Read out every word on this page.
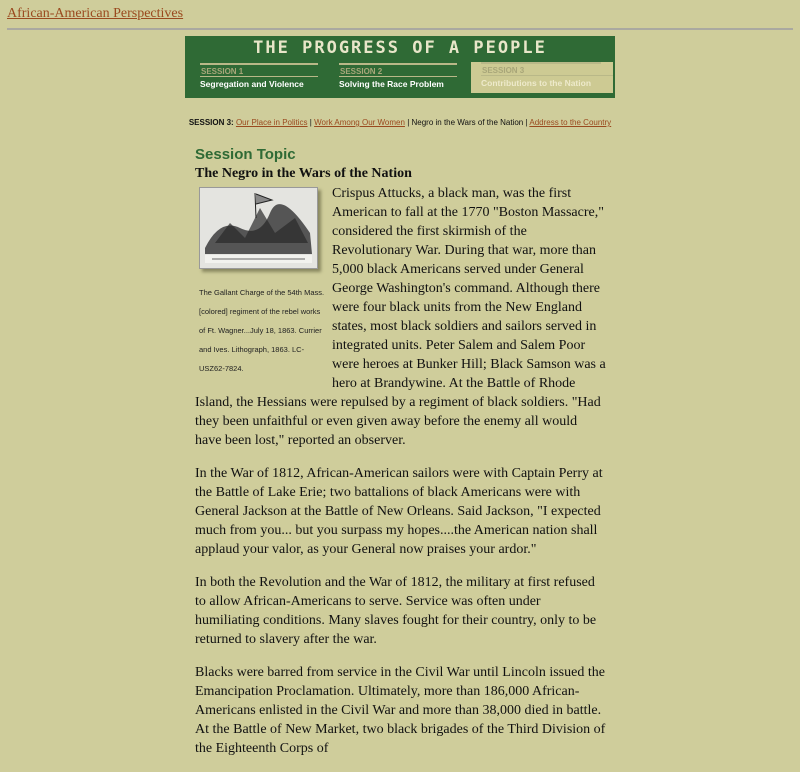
African-American Perspectives
THE PROGRESS OF A PEOPLE
SESSION 1
Segregation and Violence
SESSION 2
Solving the Race Problem
SESSION 3
Contributions to the Nation
SESSION 3: Our Place in Politics | Work Among Our Women | Negro in the Wars of the Nation | Address to the Country
Session Topic
The Negro in the Wars of the Nation
The Gallant Charge of the 54th Mass. [colored] regiment of the rebel works of Ft. Wagner...July 18, 1863. Currier and Ives. Lithograph, 1863. LC-USZ62-7824.

Crispus Attucks, a black man, was the first American to fall at the 1770 "Boston Massacre," considered the first skirmish of the Revolutionary War. During that war, more than 5,000 black Americans served under General George Washington's command. Although there were four black units from the New England states, most black soldiers and sailors served in integrated units. Peter Salem and Salem Poor were heroes at Bunker Hill; Black Samson was a hero at Brandywine. At the Battle of Rhode Island, the Hessians were repulsed by a regiment of black soldiers. "Had they been unfaithful or even given away before the enemy all would have been lost," reported an observer.

In the War of 1812, African-American sailors were with Captain Perry at the Battle of Lake Erie; two battalions of black Americans were with General Jackson at the Battle of New Orleans. Said Jackson, "I expected much from you... but you surpass my hopes....the American nation shall applaud your valor, as your General now praises your ardor."

In both the Revolution and the War of 1812, the military at first refused to allow African-Americans to serve. Service was often under humiliating conditions. Many slaves fought for their country, only to be returned to slavery after the war.

Blacks were barred from service in the Civil War until Lincoln issued the Emancipation Proclamation. Ultimately, more than 186,000 African-Americans enlisted in the Civil War and more than 38,000 died in battle. At the Battle of New Market, two black brigades of the Third Division of the Eighteenth Corps of
